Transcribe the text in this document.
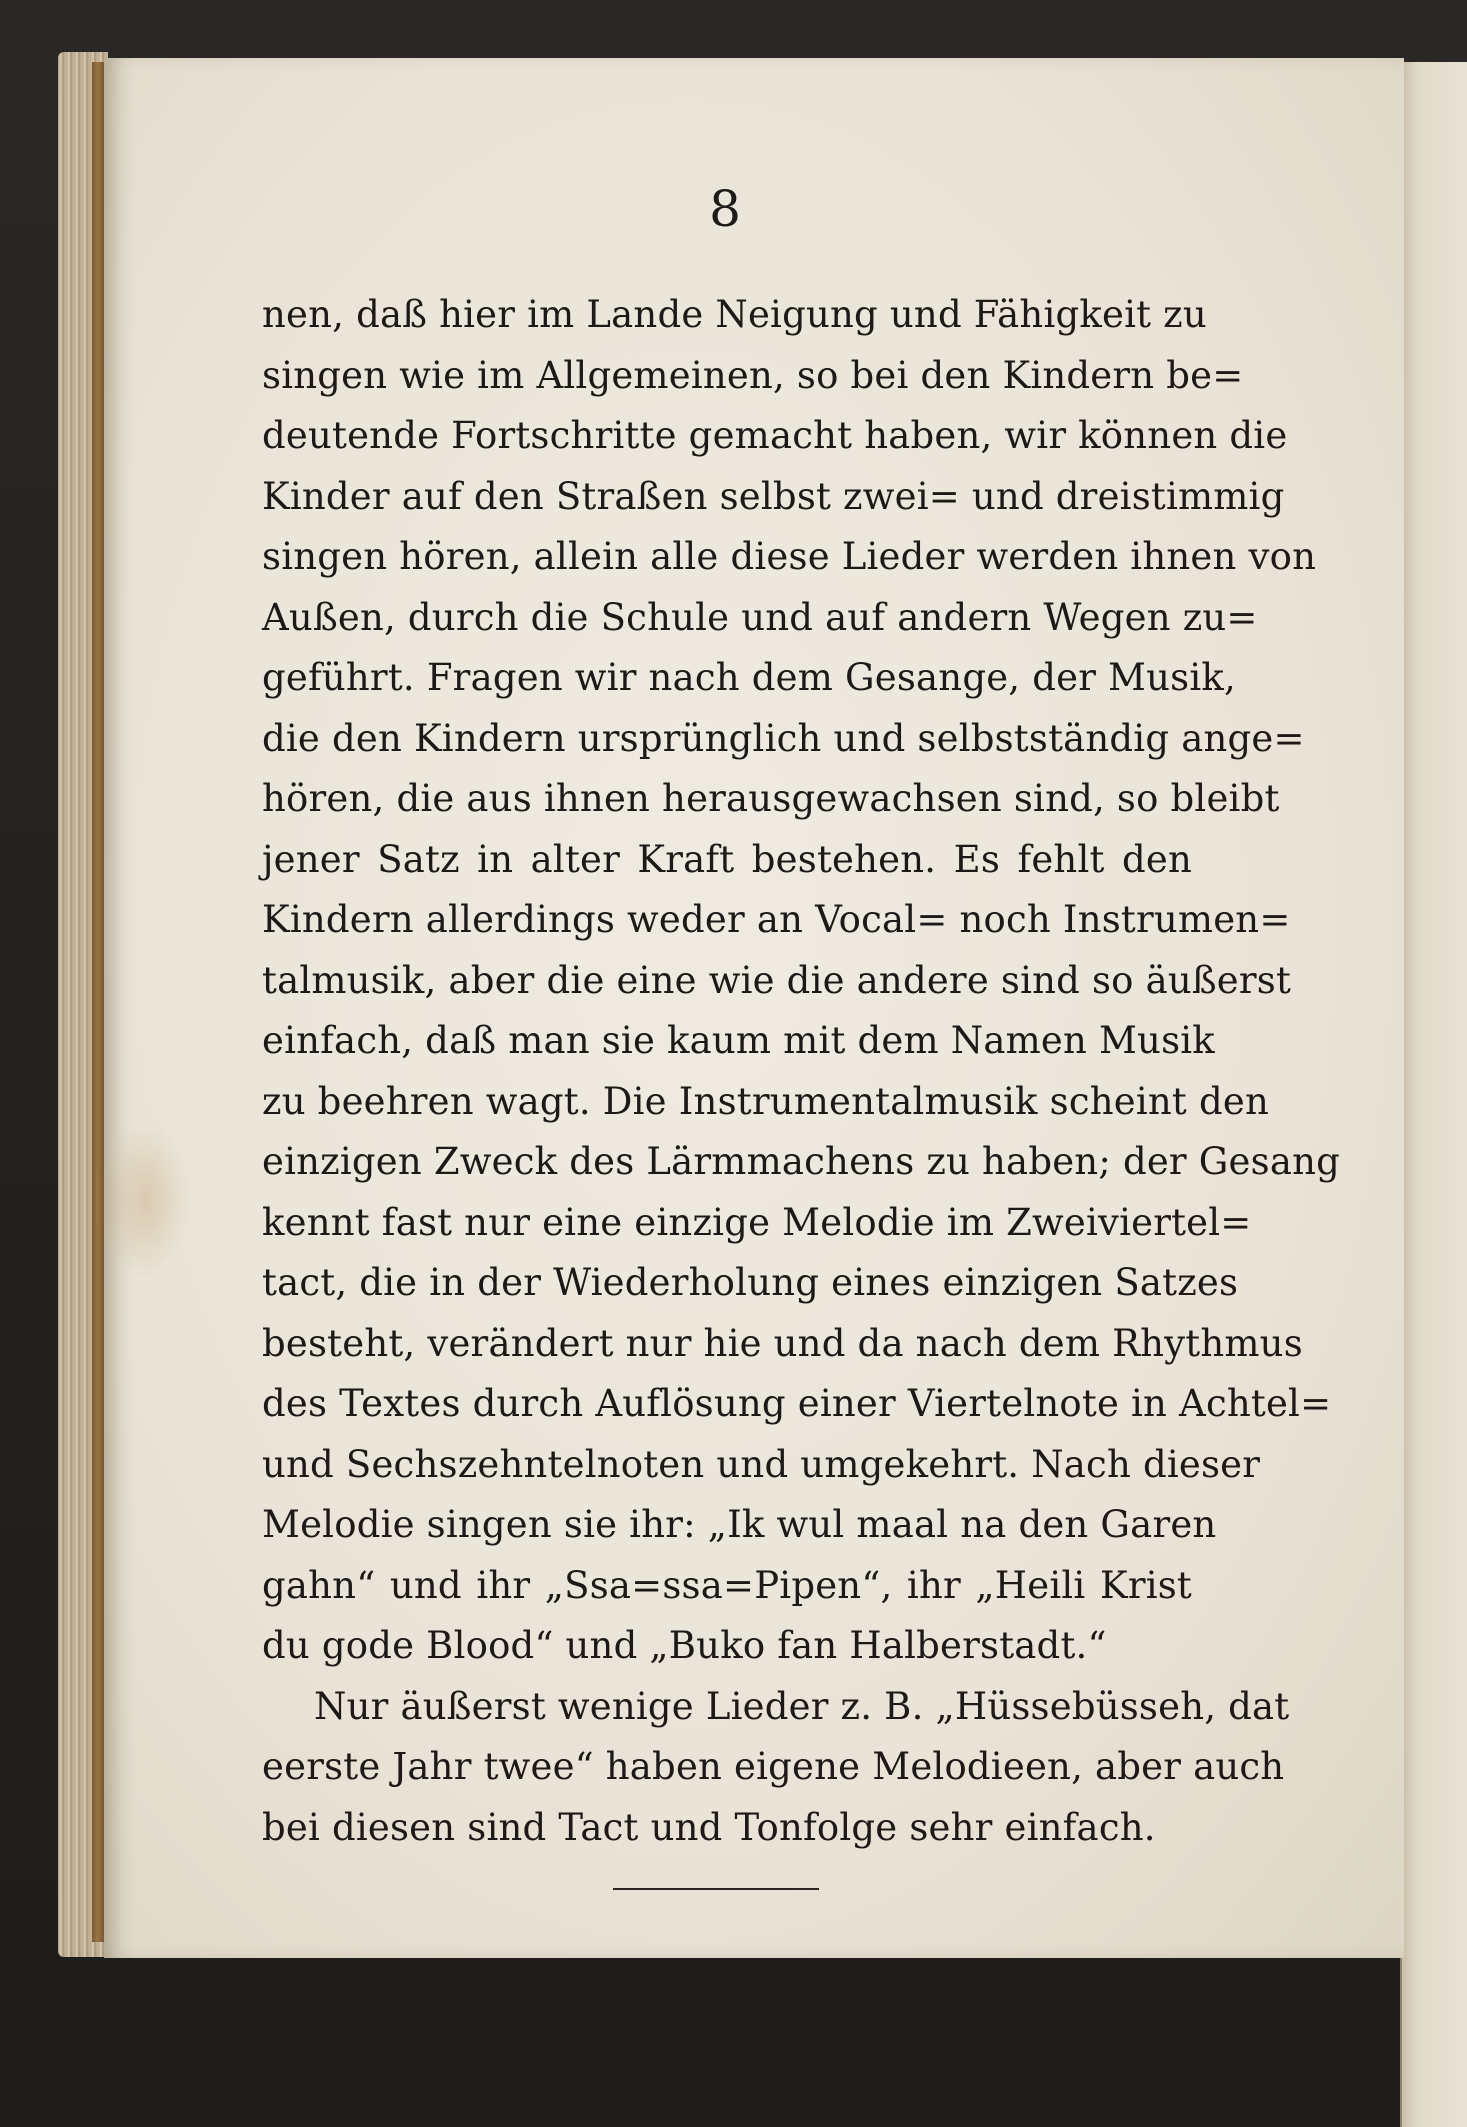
8
nen, daß hier im Lande Neigung und Fähigkeit zu
singen wie im Allgemeinen, so bei den Kindern be=
deutende Fortschritte gemacht haben, wir können die
Kinder auf den Straßen selbst zwei= und dreistimmig
singen hören, allein alle diese Lieder werden ihnen von
Außen, durch die Schule und auf andern Wegen zu=
geführt. Fragen wir nach dem Gesange, der Musik,
die den Kindern ursprünglich und selbstständig ange=
hören, die aus ihnen herausgewachsen sind, so bleibt
jener Satz in alter Kraft bestehen. Es fehlt den
Kindern allerdings weder an Vocal= noch Instrumen=
talmusik, aber die eine wie die andere sind so äußerst
einfach, daß man sie kaum mit dem Namen Musik
zu beehren wagt. Die Instrumentalmusik scheint den
einzigen Zweck des Lärmmachens zu haben; der Gesang
kennt fast nur eine einzige Melodie im Zweiviertel=
tact, die in der Wiederholung eines einzigen Satzes
besteht, verändert nur hie und da nach dem Rhythmus
des Textes durch Auflösung einer Viertelnote in Achtel=
und Sechszehntelnoten und umgekehrt. Nach dieser
Melodie singen sie ihr: „Ik wul maal na den Garen
gahn“ und ihr „Ssa=ssa=Pipen“, ihr „Heili Krist
du gode Blood“ und „Buko fan Halberstadt.“
Nur äußerst wenige Lieder z. B. „Hüssebüsseh, dat
eerste Jahr twee“ haben eigene Melodieen, aber auch
bei diesen sind Tact und Tonfolge sehr einfach.
